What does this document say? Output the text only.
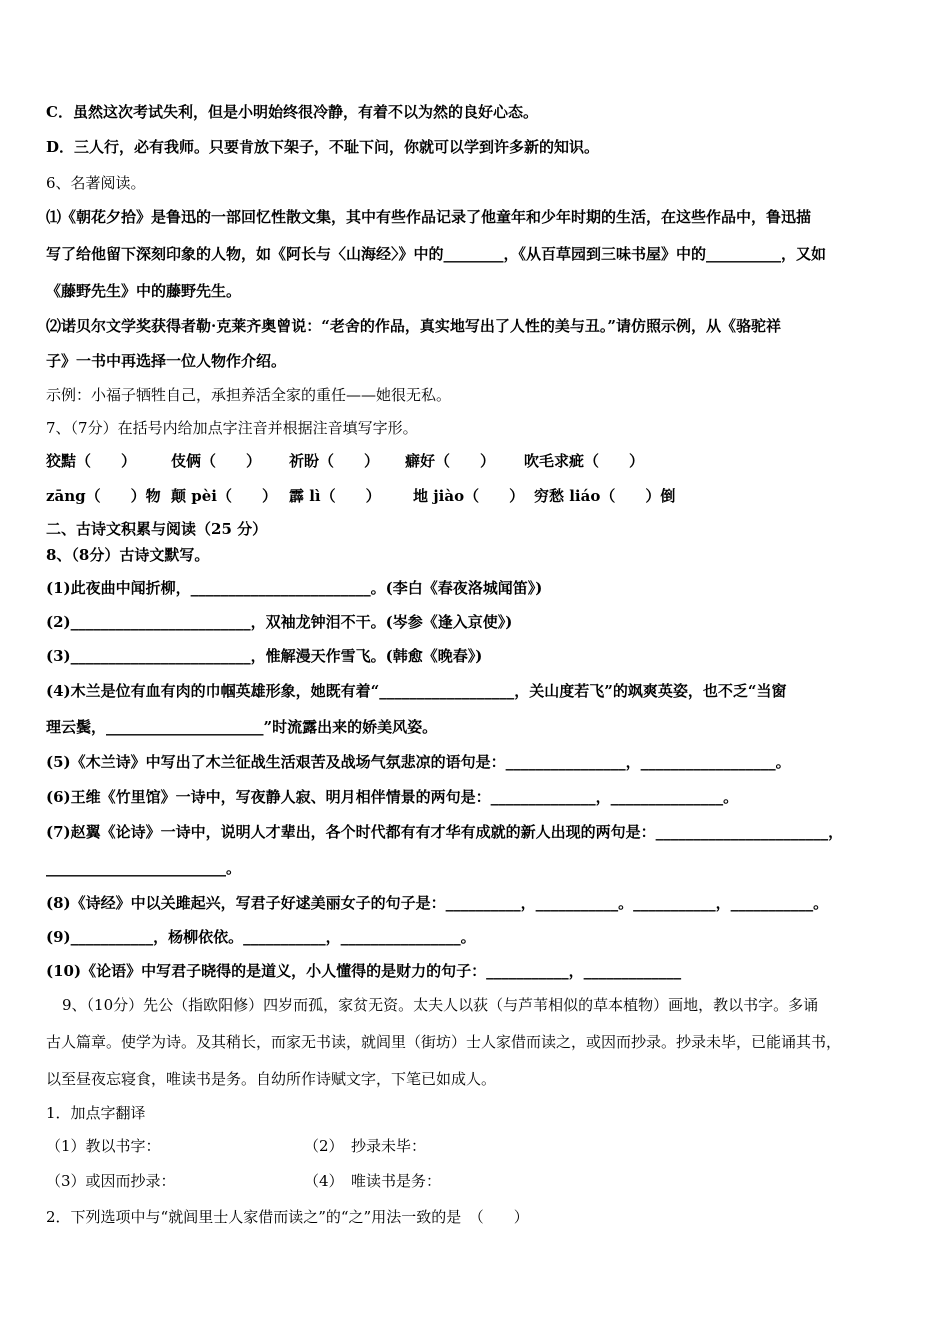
C．虽然这次考试失利，但是小明始终很冷静，有着不以为然的良好心态。
D．三人行，必有我师。只要肯放下架子，不耻下问，你就可以学到许多新的知识。
6、名著阅读。
⑴《朝花夕拾》是鲁迅的一部回忆性散文集，其中有些作品记录了他童年和少年时期的生活，在这些作品中，鲁迅描
写了给他留下深刻印象的人物，如《阿长与〈山海经〉》中的________，《从百草园到三味书屋》中的__________，又如
《藤野先生》中的藤野先生。
⑵诺贝尔文学奖获得者勒·克莱齐奥曾说：“老舍的作品，真实地写出了人性的美与丑。”请仿照示例，从《骆驼祥
子》一书中再选择一位人物作介绍。
示例：小福子牺牲自己，承担养活全家的重任——她很无私。
7、（7分）在括号内给加点字注音并根据注音填写字形。
狡黠（　　） 伎俩（　　） 祈盼（　　） 癖好（　　） 吹毛求疵（　　）
zāng（　　）物 颠 pèi（　　） 霹 lì（　　） 地 jiào（　　） 穷愁 liáo（　　）倒
二、古诗文积累与阅读（25 分）
8、（8分）古诗文默写。
(1)此夜曲中闻折柳，________________________。(李白《春夜洛城闻笛》)
(2)________________________，双袖龙钟泪不干。(岑参《逢入京使》)
(3)________________________，惟解漫天作雪飞。(韩愈《晚春》)
(4)木兰是位有血有肉的巾帼英雄形象，她既有着“__________________，关山度若飞”的飒爽英姿，也不乏“当窗
理云鬓，_____________________”时流露出来的娇美风姿。
(5)《木兰诗》中写出了木兰征战生活艰苦及战场气氛悲凉的语句是：________________，__________________。
(6)王维《竹里馆》一诗中，写夜静人寂、明月相伴情景的两句是：______________，_______________。
(7)赵翼《论诗》一诗中，说明人才辈出，各个时代都有有才华有成就的新人出现的两句是：_______________________，
________________________。
(8)《诗经》中以关雎起兴，写君子好逑美丽女子的句子是：__________，___________。___________，___________。
(9)___________，杨柳依依。___________，________________。
(10)《论语》中写君子晓得的是道义，小人懂得的是财力的句子：___________，_____________
9、（10分）先公（指欧阳修）四岁而孤，家贫无资。太夫人以荻（与芦苇相似的草本植物）画地，教以书字。多诵
古人篇章。使学为诗。及其稍长，而家无书读，就闾里（街坊）士人家借而读之，或因而抄录。抄录未毕，已能诵其书，
以至昼夜忘寝食，唯读书是务。自幼所作诗赋文字，下笔已如成人。
1．加点字翻译
（1）教以书字：	（2）　抄录未毕：
（3）或因而抄录：	（4）　唯读书是务：
2．下列选项中与“就闾里士人家借而读之”的“之”用法一致的是　（　　）
